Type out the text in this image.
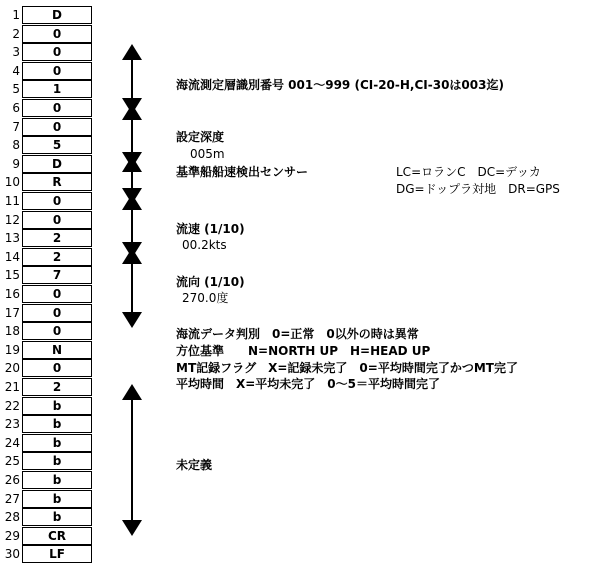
1	D
2	0
3	0
4	0
5	1
6	0
7	0
8	5
9	D
10	R
11	0
12	0
13	2
14	2
15	7
16	0
17	0
18	0
19	N
20	0
21	2
22	b
23	b
24	b
25	b
26	b
27	b
28	b
29	CR
30	LF
海流測定層識別番号 001～999 (CI-20-H,CI-30は003迄)
設定深度
005m
基準船船速検出センサー	LC=ロランC　DC=デッカ
DG=ドップラ対地　DR=GPS
流速 (1/10)
00.2kts
流向 (1/10)
270.0度
海流データ判別　0=正常　0以外の時は異常
方位基準　　N=NORTH UP　H=HEAD UP
MT記録フラグ　X=記録未完了　0=平均時間完了かつMT完了
平均時間　X=平均未完了　0～5＝平均時間完了
未定義
